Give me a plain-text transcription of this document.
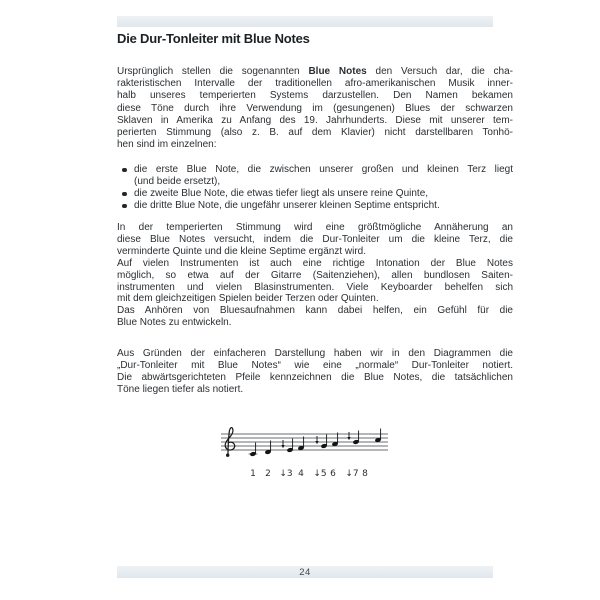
Die Dur-Tonleiter mit Blue Notes
Ursprünglich stellen die sogenannten Blue Notes den Versuch dar, die cha-
rakteristischen Intervalle der traditionellen afro-amerikanischen Musik inner-
halb unseres temperierten Systems darzustellen. Den Namen bekamen
diese Töne durch ihre Verwendung im (gesungenen) Blues der schwarzen
Sklaven in Amerika zu Anfang des 19. Jahrhunderts. Diese mit unserer tem-
perierten Stimmung (also z. B. auf dem Klavier) nicht darstellbaren Tonhö-
hen sind im einzelnen:
die erste Blue Note, die zwischen unserer großen und kleinen Terz liegt
(und beide ersetzt),
die zweite Blue Note, die etwas tiefer liegt als unsere reine Quinte,
die dritte Blue Note, die ungefähr unserer kleinen Septime entspricht.
In der temperierten Stimmung wird eine größtmögliche Annäherung an
diese Blue Notes versucht, indem die Dur-Tonleiter um die kleine Terz, die
verminderte Quinte und die kleine Septime ergänzt wird.
Auf vielen Instrumenten ist auch eine richtige Intonation der Blue Notes
möglich, so etwa auf der Gitarre (Saitenziehen), allen bundlosen Saiten-
instrumenten und vielen Blasinstrumenten. Viele Keyboarder behelfen sich
mit dem gleichzeitigen Spielen beider Terzen oder Quinten.
Das Anhören von Bluesaufnahmen kann dabei helfen, ein Gefühl für die
Blue Notes zu entwickeln.
Aus Gründen der einfacheren Darstellung haben wir in den Diagrammen die
„Dur-Tonleiter mit Blue Notes“ wie eine „normale“ Dur-Tonleiter notiert.
Die abwärtsgerichteten Pfeile kennzeichnen die Blue Notes, die tatsächlichen
Töne liegen tiefer als notiert.
1 2 ↓3 4 ↓5 6 ↓7 8
24
